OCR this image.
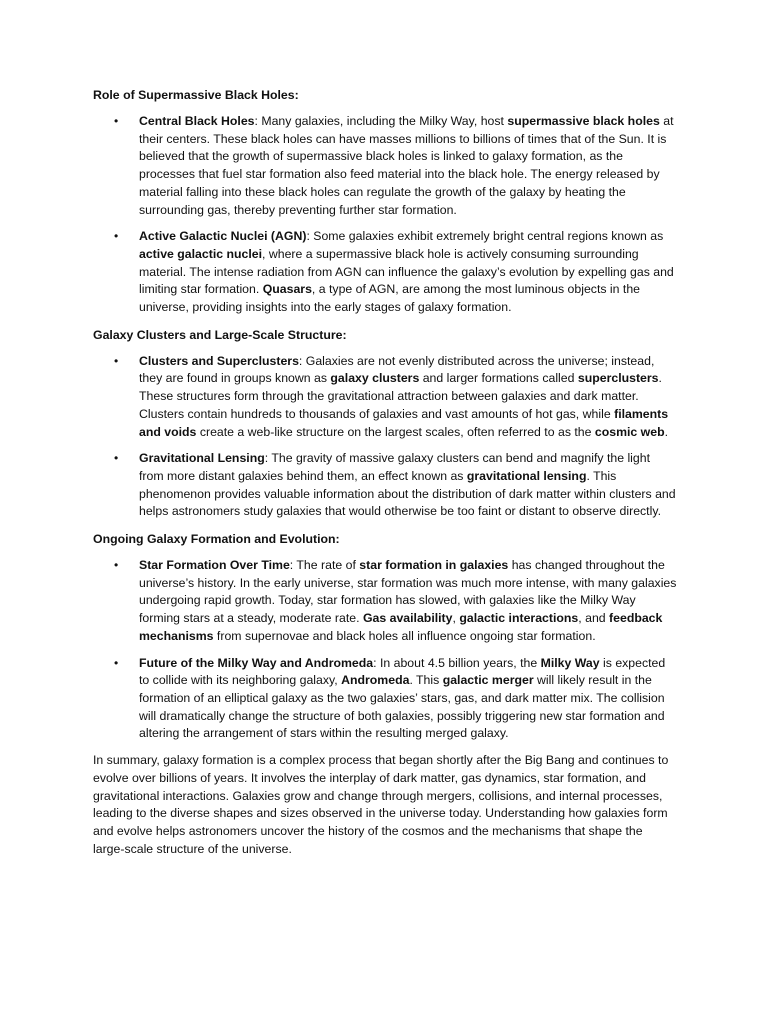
Role of Supermassive Black Holes:
• Central Black Holes: Many galaxies, including the Milky Way, host supermassive black holes at their centers. These black holes can have masses millions to billions of times that of the Sun. It is believed that the growth of supermassive black holes is linked to galaxy formation, as the processes that fuel star formation also feed material into the black hole. The energy released by material falling into these black holes can regulate the growth of the galaxy by heating the surrounding gas, thereby preventing further star formation.
• Active Galactic Nuclei (AGN): Some galaxies exhibit extremely bright central regions known as active galactic nuclei, where a supermassive black hole is actively consuming surrounding material. The intense radiation from AGN can influence the galaxy’s evolution by expelling gas and limiting star formation. Quasars, a type of AGN, are among the most luminous objects in the universe, providing insights into the early stages of galaxy formation.
Galaxy Clusters and Large-Scale Structure:
• Clusters and Superclusters: Galaxies are not evenly distributed across the universe; instead, they are found in groups known as galaxy clusters and larger formations called superclusters. These structures form through the gravitational attraction between galaxies and dark matter. Clusters contain hundreds to thousands of galaxies and vast amounts of hot gas, while filaments and voids create a web-like structure on the largest scales, often referred to as the cosmic web.
• Gravitational Lensing: The gravity of massive galaxy clusters can bend and magnify the light from more distant galaxies behind them, an effect known as gravitational lensing. This phenomenon provides valuable information about the distribution of dark matter within clusters and helps astronomers study galaxies that would otherwise be too faint or distant to observe directly.
Ongoing Galaxy Formation and Evolution:
• Star Formation Over Time: The rate of star formation in galaxies has changed throughout the universe’s history. In the early universe, star formation was much more intense, with many galaxies undergoing rapid growth. Today, star formation has slowed, with galaxies like the Milky Way forming stars at a steady, moderate rate. Gas availability, galactic interactions, and feedback mechanisms from supernovae and black holes all influence ongoing star formation.
• Future of the Milky Way and Andromeda: In about 4.5 billion years, the Milky Way is expected to collide with its neighboring galaxy, Andromeda. This galactic merger will likely result in the formation of an elliptical galaxy as the two galaxies’ stars, gas, and dark matter mix. The collision will dramatically change the structure of both galaxies, possibly triggering new star formation and altering the arrangement of stars within the resulting merged galaxy.

In summary, galaxy formation is a complex process that began shortly after the Big Bang and continues to evolve over billions of years. It involves the interplay of dark matter, gas dynamics, star formation, and gravitational interactions. Galaxies grow and change through mergers, collisions, and internal processes, leading to the diverse shapes and sizes observed in the universe today. Understanding how galaxies form and evolve helps astronomers uncover the history of the cosmos and the mechanisms that shape the large-scale structure of the universe.
